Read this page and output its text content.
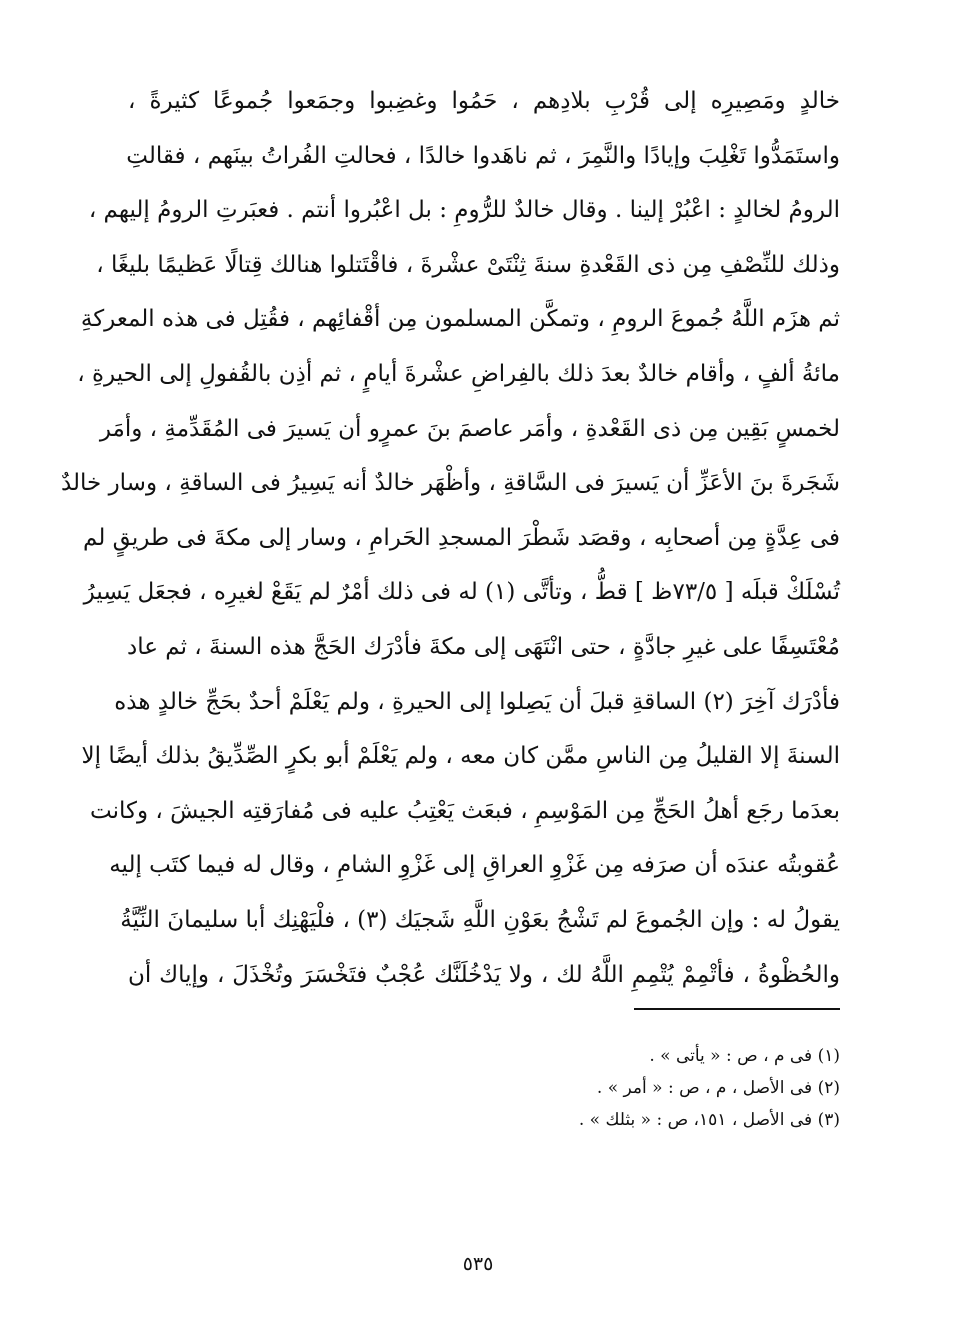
خالدٍ ومَصِيرِه إلى قُرْبِ بلادِهم ، حَمُوا وغضِبوا وجمَعوا جُموعًا كثيرةً ،
واستَمَدُّوا تَغْلِبَ وإيادًا والنَّمِرَ ، ثم ناهَدوا خالدًا ، فحالتِ الفُراتُ بينَهم ، فقالتِ
الرومُ لخالدٍ : اعْبُرْ إلينا . وقال خالدٌ للرُّومِ : بل اعْبُروا أنتم . فعبَرتِ الرومُ إليهم ،
وذلك للنِّصْفِ مِن ذى القَعْدةِ سنةَ ثِنْتَىْ عشْرةَ ، فاقْتَتلوا هنالك قِتالًا عَظيمًا بليغًا ،
ثم هزَم اللَّهُ جُموعَ الرومِ ، وتمكَّن المسلمون مِن أقْفائِهم ، فقُتِل فى هذه المعركةِ
مائةُ ألفٍ ، وأقام خالدٌ بعدَ ذلك بالفِراضِ عشْرةَ أيامٍ ، ثم أذِن بالقُفولِ إلى الحيرةِ ،
لخمسٍ بَقِين مِن ذى القَعْدةِ ، وأمَر عاصمَ بنَ عمرٍو أن يَسيرَ فى المُقَدِّمةِ ، وأمَر
شَجَرةَ بنَ الأعَزِّ أن يَسيرَ فى السَّاقةِ ، وأظْهَر خالدٌ أنه يَسِيرُ فى الساقةِ ، وسار خالدٌ
فى عِدَّةٍ مِن أصحابِه ، وقصَد شَطْرَ المسجدِ الحَرامِ ، وسار إلى مكةَ فى طريقٍ لم
تُسْلَكْ قبلَه [ ٧٣/٥ظ ] قطُّ ، وتأتَّى (١) له فى ذلك أمْرٌ لم يَقَعْ لغيرِه ، فجعَل يَسِيرُ
مُعْتَسِفًا على غيرِ جادَّةٍ ، حتى انْتَهَى إلى مكةَ فأدْرَك الحَجَّ هذه السنةَ ، ثم عاد
فأدْرَك آخِرَ (٢) الساقةِ قبلَ أن يَصِلوا إلى الحيرةِ ، ولم يَعْلَمْ أحدٌ بحَجِّ خالدٍ هذه
السنةَ إلا القليلُ مِن الناسِ ممَّن كان معه ، ولم يَعْلَمْ أبو بكرٍ الصِّدِّيقُ بذلك أيضًا إلا
بعدَما رجَع أهلُ الحَجِّ مِن المَوْسِمِ ، فبعَث يَعْتِبُ عليه فى مُفارَقتِه الجيشَ ، وكانت
عُقوبتُه عندَه أن صرَفه مِن غَزْوِ العراقِ إلى غَزْوِ الشامِ ، وقال له فيما كتَب إليه
يقولُ له : وإن الجُموعَ لم تَشْجُ بعَوْنِ اللَّهِ شَجيَك (٣) ، فلْيَهْنِك أبا سليمانَ النِّيَّةُ
والحُظْوةُ ، فأتْمِمْ يُتْمِمِ اللَّهُ لك ، ولا يَدْخُلَنَّك عُجْبٌ فتَخْسَرَ وتُخْذَلَ ، وإياك أن
(١) فى م ، ص : « يأتى » .
(٢) فى الأصل ، م ، ص : « أمر » .
(٣) فى الأصل ، ١٥١، ص : « بثلك » .
٥٣٥
